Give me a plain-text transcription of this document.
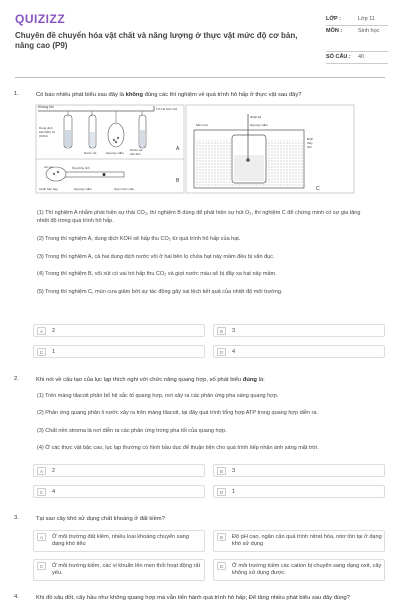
QUIZIZZ
Chuyên đề chuyển hóa vật chất và năng lượng ở thực vật mức độ cơ bản, nâng cao (P9)
LỚP :	Lớp 11
MÔN :	Sinh học
SỐ CÂU :	40
1.	Có bao nhiêu phát biểu sau đây là không đúng các thí nghiệm về quá trình hô hấp ở thực vật sau đây?
Không khí	Tới cái bơm hút
Dung dịch
kali hiđrô xit
(KOH)
Nước vôi	Hạt nảy mầm
Nước vôi
vẩn đục
A
vôi xút	Ống thủy tinh
Cánh bản hẹp	Hạt nảy mầm	Giọt nước màu
B
Nhiệt kế
Mùn cưa	Hạt nảy mầm
Bình
thủy
tinh
C
(1) Thí nghiệm A nhằm phát hiện sự thải CO₂, thí nghiệm B dùng để phát hiện sự hút O₂, thí nghiệm C để chứng minh có sự gia tăng nhiệt độ trong quá trình hô hấp.
(2) Trong thí nghiệm A, dung dịch KOH sẽ hấp thu CO₂ từ quá trình hô hấp của hạt.
(3) Trong thí nghiệm A, cả hai dung dịch nước vôi ở hai bên lọ chứa hạt nảy mầm đều bị vẩn đục.
(4) Trong thí nghiệm B, vôi xút có vai trò hấp thu CO₂ và giọt nước màu sẽ bị đẩy xa hạt nảy mầm.
(5) Trong thí nghiệm C, mùn cưa giảm bớt sự tác động gây sai lệch kết quả của nhiệt độ môi trường.
A	2	B	3
C	1	D	4
2.	Khi nói về cấu tạo của lục lạp thích nghi với chức năng quang hợp, số phát biểu đúng là:
(1) Trên màng tilacoit phân bố hệ sắc tố quang hợp, nơi xảy ra các phản ứng pha sáng quang hợp.
(2) Phản ứng quang phân li nước xảy ra trên màng tilacoit, tại đây quá trình tổng hợp ATP trong quang hợp diễn ra.
(3) Chất nền stroma là nơi diễn ra các phản ứng trong pha tối của quang hợp.
(4) Ở các thực vật bậc cao, lục lạp thường có hình bầu dục để thuận tiện cho quá trình tiếp nhận ánh sáng mặt trời.
A	2	B	3
C	4	D	1
3.	Tại sao cây khó sử dụng chất khoáng ở đất kiềm?
A	Ở môi trường đất kiềm, nhiều loại khoáng chuyển sang dạng khó tiêu
B	Độ pH cao, ngăn cản quá trình nitrat hóa, nitơ tồn tại ở dạng khó sử dụng
C	Ở môi trường kiềm, các vi khuẩn lên men thối hoạt động rất yếu.
D	Ở môi trường kiềm các cation bị chuyển sang dạng oxit, cây không sử dụng được.
4.	Khi đồ sâu đốt, cây hầu như không quang hợp mà vẫn tiến hành quá trình hô hấp; Để tăng nhiều phát biểu sau đây đúng?
